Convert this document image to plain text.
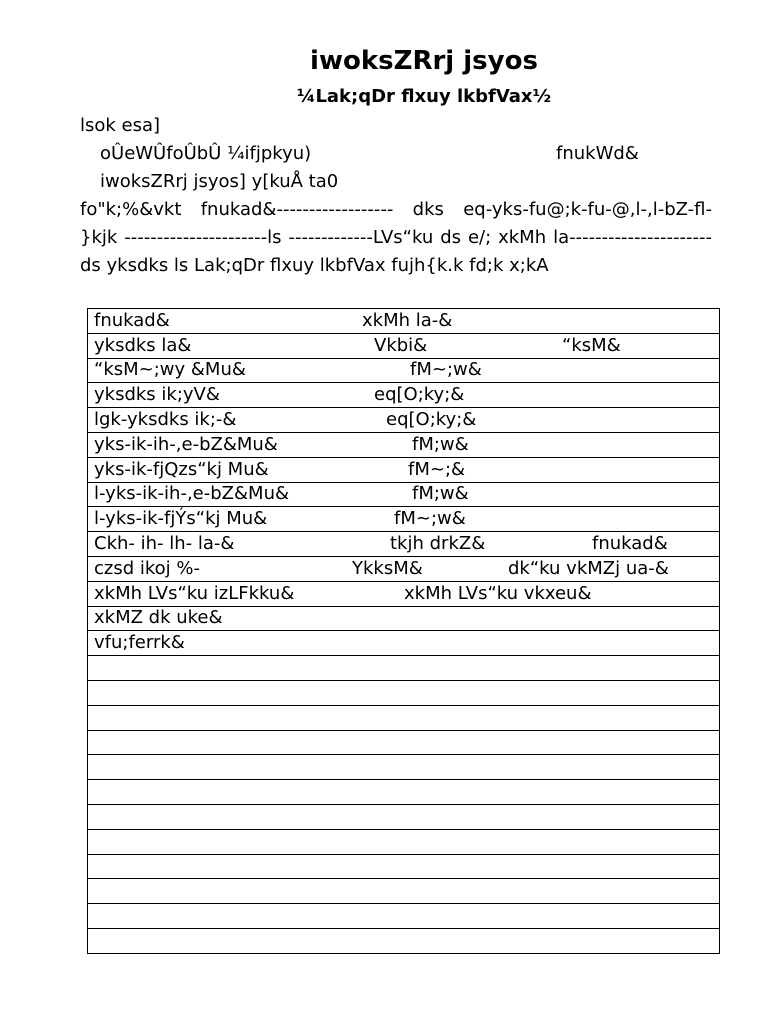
iwoksZRrj jsyos
¼Lak;qDr flxuy lkbfVax½
lsok esa]
oÛeWÛfoÛbÛ ¼ifjpkyu)	fnukWd&
iwoksZRrj jsyos] y[kuÅ ta0
fo"k;%&vkt fnukad&------------------ dks eq-yks-fu@;k-fu-@,l-,l-bZ-fl- }kjk ----------------------ls -------------LVs“ku ds e/; xkMh la---------------------- ds yksdks ls Lak;qDr flxuy lkbfVax fujh{k.k fd;k x;kA
fnukad&	xkMh la-&

yksdks la&	Vkbi&	“ksM&

“ksM~;wy &Mu&	fM~;w&

yksdks ik;yV&	eq[O;ky;&

lgk-yksdks ik;-&	eq[O;ky;&

yks-ik-ih-,e-bZ&Mu&	fM;w&

yks-ik-fjQzs“kj Mu&	fM~;&

l-yks-ik-ih-,e-bZ&Mu&	fM;w&

l-yks-ik-fjÝs“kj Mu&	fM~;w&

Ckh- ih- lh- la-&	tkjh drkZ&	fnukad&

czsd ikoj %-	YkksM&	dk“ku vkMZj ua-&

xkMh LVs“ku izLFkku&	xkMh LVs“ku vkxeu&

xkMZ dk uke&

vfu;ferrk&
